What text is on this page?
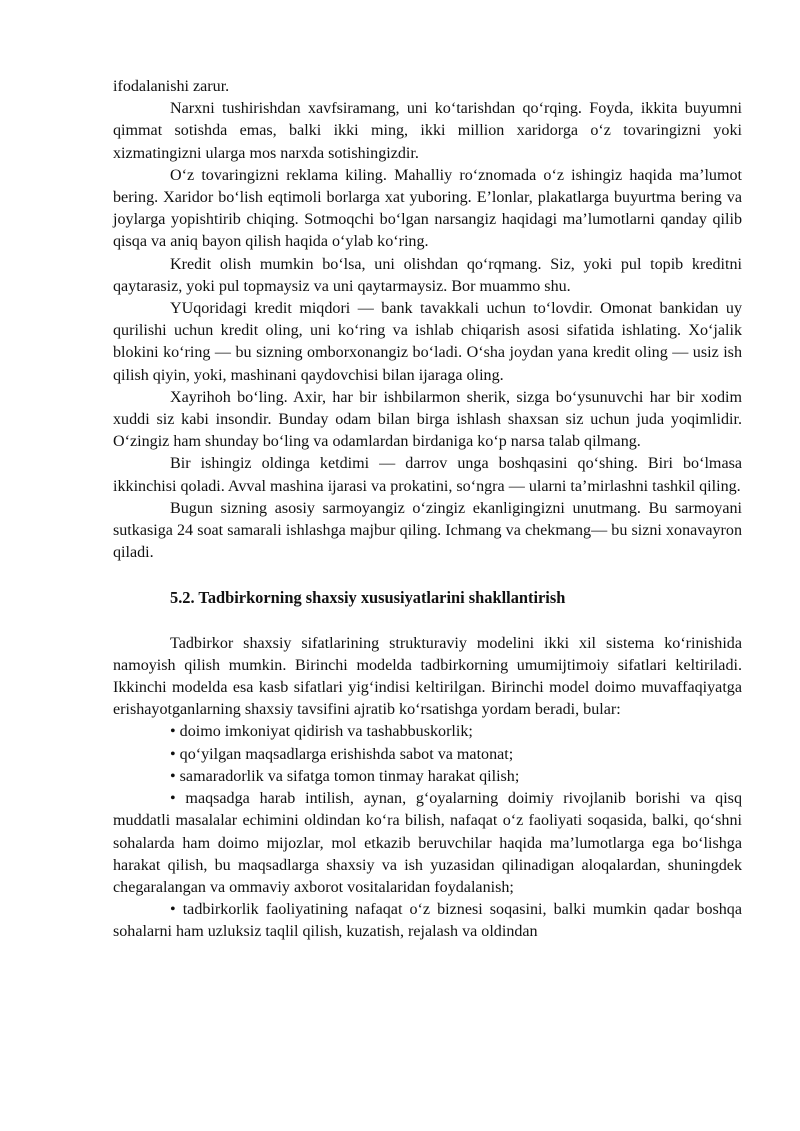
ifodalanishi zarur.

Narxni tushirishdan xavfsiramang, uni ko‘tarishdan qo‘rqing. Foyda, ikkita buyumni qimmat sotishda emas, balki ikki ming, ikki million xaridorga o‘z tovaringizni yoki xizmatingizni ularga mos narxda sotishingizdir.

O‘z tovaringizni reklama kiling. Mahalliy ro‘znomada o‘z ishingiz haqida ma’lumot bering. Xaridor bo‘lish eqtimoli borlarga xat yuboring. E’lonlar, plakatlarga buyurtma bering va joylarga yopishtirib chiqing. Sotmoqchi bo‘lgan narsangiz haqidagi ma’lumotlarni qanday qilib qisqa va aniq bayon qilish haqida o‘ylab ko‘ring.

Kredit olish mumkin bo‘lsa, uni olishdan qo‘rqmang. Siz, yoki pul topib kreditni qaytarasiz, yoki pul topmaysiz va uni qaytarmaysiz. Bor muammo shu.

YUqoridagi kredit miqdori — bank tavakkali uchun to‘lovdir. Omonat bankidan uy qurilishi uchun kredit oling, uni ko‘ring va ishlab chiqarish asosi sifatida ishlating. Xo‘jalik blokini ko‘ring — bu sizning omborxonangiz bo‘ladi. O‘sha joydan yana kredit oling — usiz ish qilish qiyin, yoki, mashinani qaydovchisi bilan ijaraga oling.

Xayrihoh bo‘ling. Axir, har bir ishbilarmon sherik, sizga bo‘ysunuvchi har bir xodim xuddi siz kabi insondir. Bunday odam bilan birga ishlash shaxsan siz uchun juda yoqimlidir. O‘zingiz ham shunday bo‘ling va odamlardan birdaniga ko‘p narsa talab qilmang.

Bir ishingiz oldinga ketdimi — darrov unga boshqasini qo‘shing. Biri bo‘lmasa ikkinchisi qoladi. Avval mashina ijarasi va prokatini, so‘ngra — ularni ta’mirlashni tashkil qiling.

Bugun sizning asosiy sarmoyangiz o‘zingiz ekanligingizni unutmang. Bu sarmoyani sutkasiga 24 soat samarali ishlashga majbur qiling. Ichmang va chekmang— bu sizni xonavayron qiladi.

5.2. Tadbirkorning shaxsiy xususiyatlarini shakllantirish

Tadbirkor shaxsiy sifatlarining strukturaviy modelini ikki xil sistema ko‘rinishida namoyish qilish mumkin. Birinchi modelda tadbirkorning umumijtimoiy sifatlari keltiriladi. Ikkinchi modelda esa kasb sifatlari yig‘indisi keltirilgan. Birinchi model doimo muvaffaqiyatga erishayotganlarning shaxsiy tavsifini ajratib ko‘rsatishga yordam beradi, bular:

• doimo imkoniyat qidirish va tashabbuskorlik;

• qo‘yilgan maqsadlarga erishishda sabot va matonat;

• samaradorlik va sifatga tomon tinmay harakat qilish;

• maqsadga harab intilish, aynan, g‘oyalarning doimiy rivojlanib borishi va qisq muddatli masalalar echimini oldindan ko‘ra bilish, nafaqat o‘z faoliyati soqasida, balki, qo‘shni sohalarda ham doimo mijozlar, mol etkazib beruvchilar haqida ma’lumotlarga ega bo‘lishga harakat qilish, bu maqsadlarga shaxsiy va ish yuzasidan qilinadigan aloqalardan, shuningdek chegaralangan va ommaviy axborot vositalaridan foydalanish;

• tadbirkorlik faoliyatining nafaqat o‘z biznesi soqasini, balki mumkin qadar boshqa sohalarni ham uzluksiz taqlil qilish, kuzatish, rejalash va oldindan
